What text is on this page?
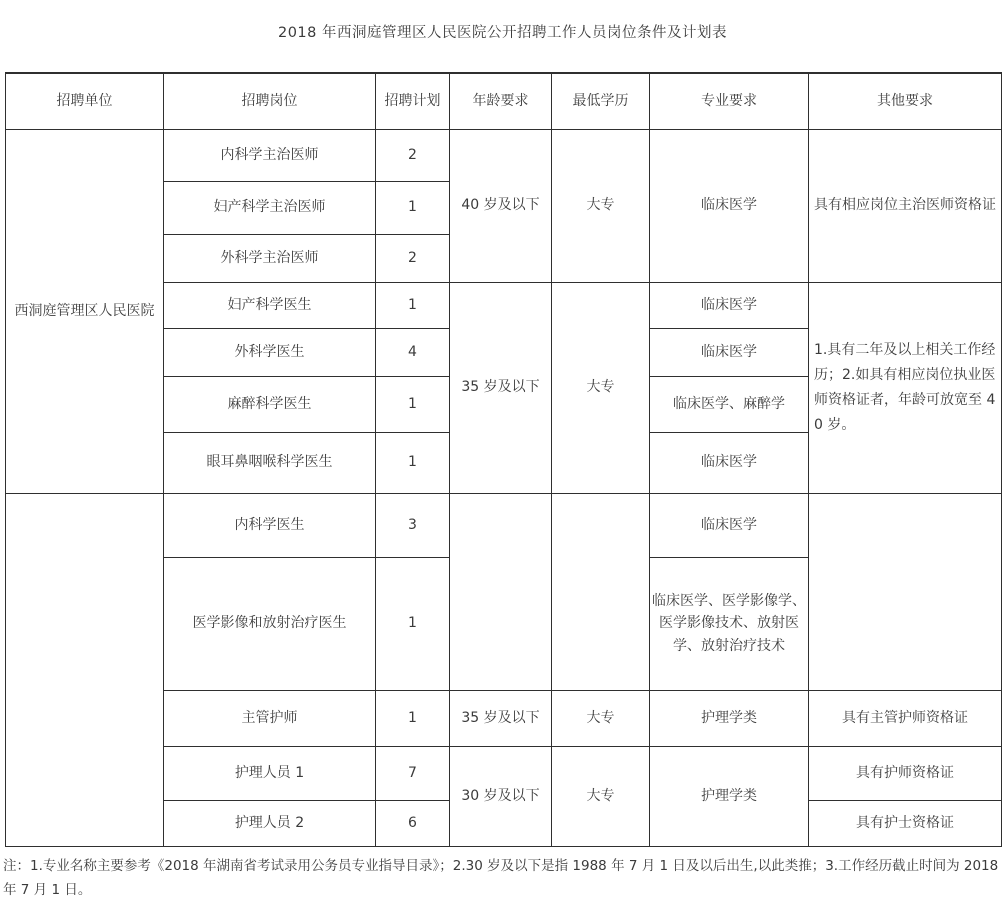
2018 年西洞庭管理区人民医院公开招聘工作人员岗位条件及计划表
招聘单位	招聘岗位	招聘计划	年龄要求	最低学历	专业要求	其他要求
西洞庭管理区人民医院	内科学主治医师	2	40 岁及以下	大专	临床医学	具有相应岗位主治医师资格证
	妇产科学主治医师	1				
	外科学主治医师	2				
	妇产科学医生	1	35 岁及以下	大专	临床医学	1.具有二年及以上相关工作经历；2.如具有相应岗位执业医师资格证者，年龄可放宽至 40 岁。
	外科学医生	4			临床医学	
	麻醉科学医生	1			临床医学、麻醉学	
	眼耳鼻咽喉科学医生	1			临床医学	
	内科学医生	3			临床医学	
	医学影像和放射治疗医生	1			临床医学、医学影像学、医学影像技术、放射医学、放射治疗技术	
	主管护师	1	35 岁及以下	大专	护理学类	具有主管护师资格证
	护理人员 1	7	30 岁及以下	大专	护理学类	具有护师资格证
	护理人员 2	6				具有护士资格证
注：1.专业名称主要参考《2018 年湖南省考试录用公务员专业指导目录》；2.30 岁及以下是指 1988 年 7 月 1 日及以后出生,以此类推；3.工作经历截止时间为 2018 年 7 月 1 日。
